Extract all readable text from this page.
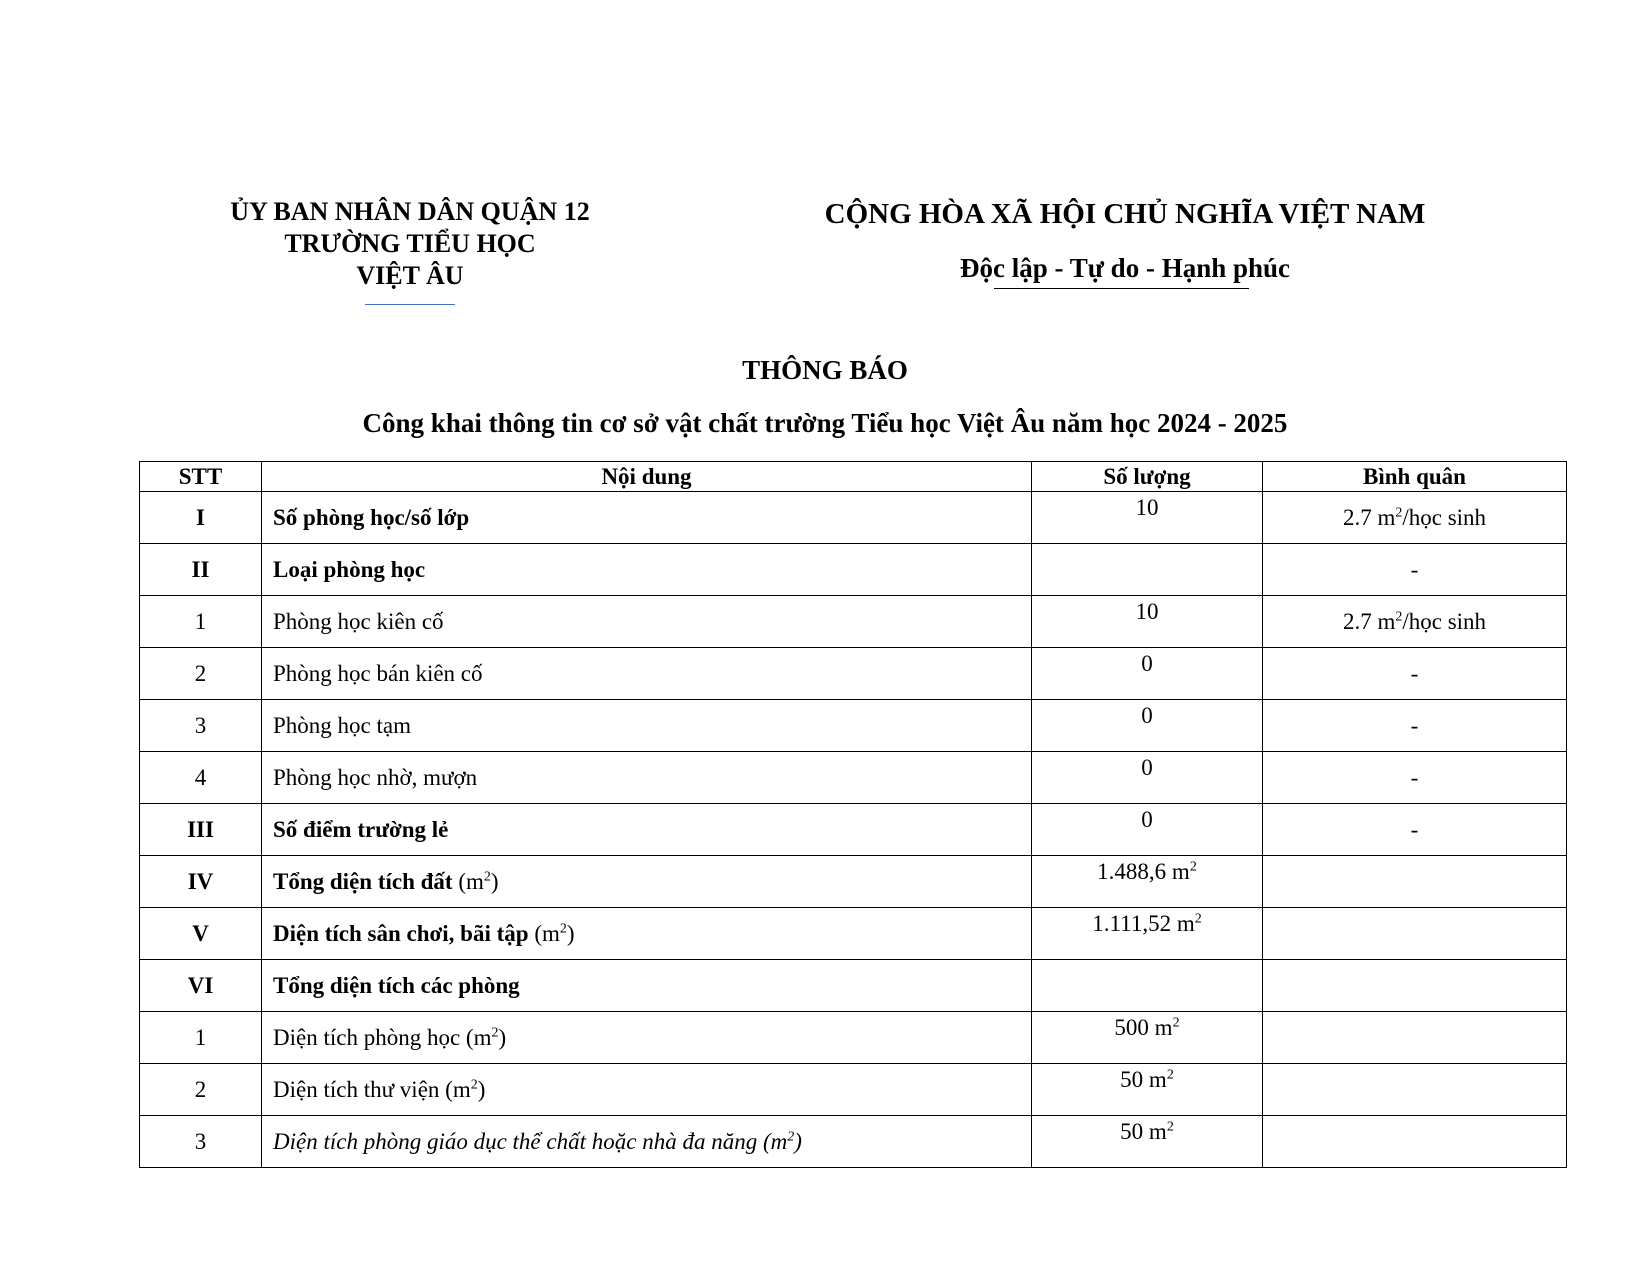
ỦY BAN NHÂN DÂN QUẬN 12
TRƯỜNG TIỂU HỌC
VIỆT ÂU
CỘNG HÒA XÃ HỘI CHỦ NGHĨA VIỆT NAM
Độc lập - Tự do - Hạnh phúc
THÔNG BÁO
Công khai thông tin cơ sở vật chất trường Tiểu học Việt Âu năm học 2024 - 2025
STT	Nội dung	Số lượng	Bình quân
I	Số phòng học/số lớp	10	2.7 $m^2$/học sinh
II	Loại phòng học		-
1	Phòng học kiên cố	10	2.7 $m^2$/học sinh
2	Phòng học bán kiên cố	0	-
3	Phòng học tạm	0	-
4	Phòng học nhờ, mượn	0	-
III	Số điểm trường lẻ	0	-
IV	Tổng diện tích đất $(m^2)$	1.488,6 $m^2$	
V	Diện tích sân chơi, bãi tập $(m^2)$	1.111,52 $m^2$	
VI	Tổng diện tích các phòng		
1	Diện tích phòng học $(m^2)$	500 $m^2$	
2	Diện tích thư viện $(m^2)$	50 $m^2$	
3	Diện tích phòng giáo dục thể chất hoặc nhà đa năng $(m^2)$	50 $m^2$	
